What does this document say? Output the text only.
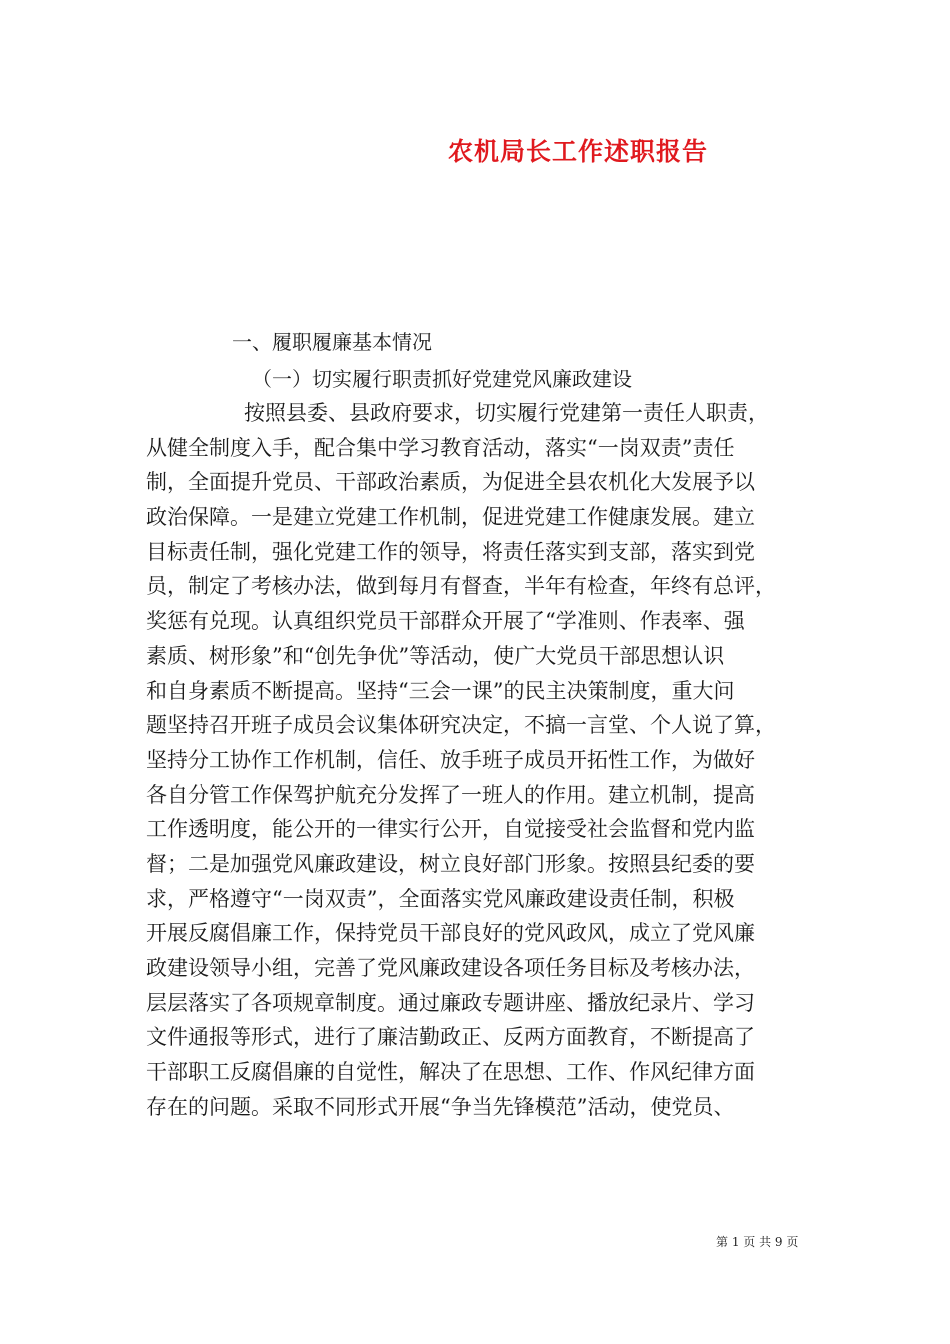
农机局长工作述职报告

一、履职履廉基本情况

（一）切实履行职责抓好党建党风廉政建设

按照县委、县政府要求，切实履行党建第一责任人职责，
从健全制度入手，配合集中学习教育活动，落实“一岗双责”责任
制，全面提升党员、干部政治素质，为促进全县农机化大发展予以
政治保障。一是建立党建工作机制，促进党建工作健康发展。建立
目标责任制，强化党建工作的领导，将责任落实到支部，落实到党
员，制定了考核办法，做到每月有督查，半年有检查，年终有总评，
奖惩有兑现。认真组织党员干部群众开展了“学准则、作表率、强
素质、树形象”和“创先争优”等活动，使广大党员干部思想认识
和自身素质不断提高。坚持“三会一课”的民主决策制度，重大问
题坚持召开班子成员会议集体研究决定，不搞一言堂、个人说了算，
坚持分工协作工作机制，信任、放手班子成员开拓性工作，为做好
各自分管工作保驾护航充分发挥了一班人的作用。建立机制，提高
工作透明度，能公开的一律实行公开，自觉接受社会监督和党内监
督；二是加强党风廉政建设，树立良好部门形象。按照县纪委的要
求，严格遵守“一岗双责”，全面落实党风廉政建设责任制，积极
开展反腐倡廉工作，保持党员干部良好的党风政风，成立了党风廉
政建设领导小组，完善了党风廉政建设各项任务目标及考核办法，
层层落实了各项规章制度。通过廉政专题讲座、播放纪录片、学习
文件通报等形式，进行了廉洁勤政正、反两方面教育，不断提高了
干部职工反腐倡廉的自觉性，解决了在思想、工作、作风纪律方面
存在的问题。采取不同形式开展“争当先锋模范”活动，使党员、
第 1 页 共 9 页
